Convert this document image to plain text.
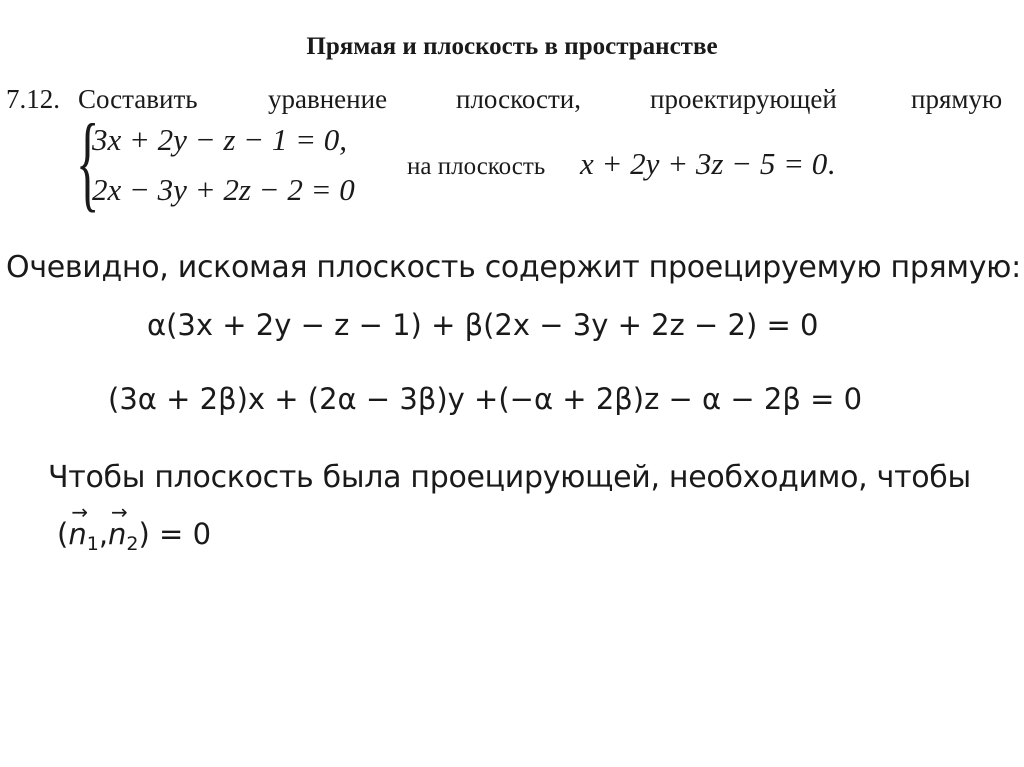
Прямая и плоскость в пространстве
7.12. Составить	уравнение	плоскости,	проектирующей	прямую
{
3x + 2y − z − 1 = 0,
2x − 3y + 2z − 2 = 0
на плоскость x + 2y + 3z − 5 = 0.
Очевидно, искомая плоскость содержит проецируемую прямую:
α(3x + 2y − z − 1) + β(2x − 3y + 2z − 2) = 0
(3α + 2β)x + (2α − 3β)y +(−α + 2β)z − α − 2β = 0
Чтобы плоскость была проецирующей, необходимо, чтобы
(→ $n_1,\to n_2) = 0$
